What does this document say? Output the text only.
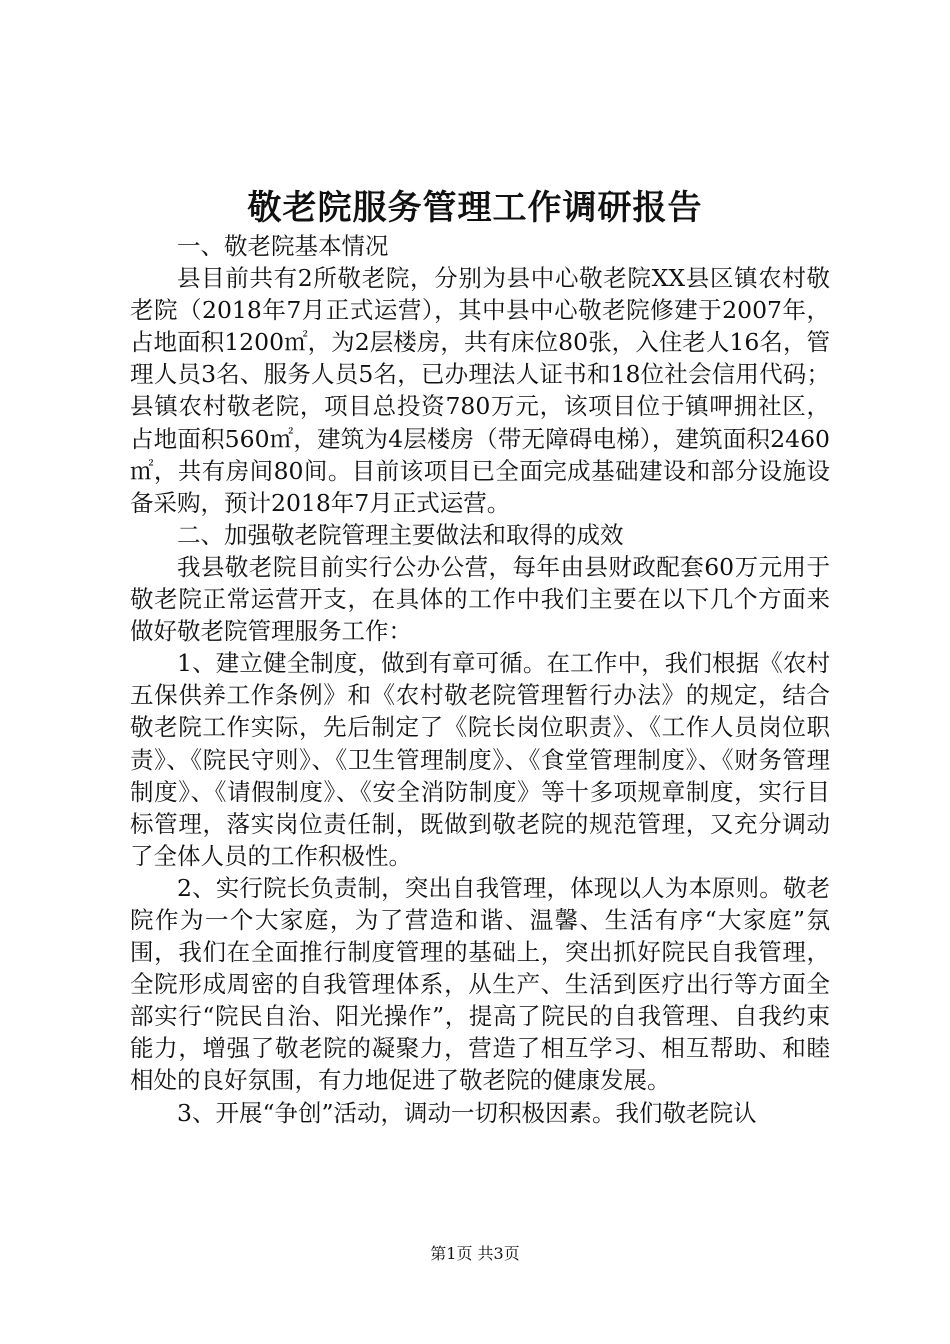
敬老院服务管理工作调研报告

一、敬老院基本情况

县目前共有2所敬老院，分别为县中心敬老院XX县区镇农村敬老院（2018年7月正式运营），其中县中心敬老院修建于2007年，占地面积1200㎡，为2层楼房，共有床位80张，入住老人16名，管理人员3名、服务人员5名，已办理法人证书和18位社会信用代码；县镇农村敬老院，项目总投资780万元，该项目位于镇呷拥社区，占地面积560㎡，建筑为4层楼房（带无障碍电梯），建筑面积2460㎡，共有房间80间。目前该项目已全面完成基础建设和部分设施设备采购，预计2018年7月正式运营。

二、加强敬老院管理主要做法和取得的成效

我县敬老院目前实行公办公营，每年由县财政配套60万元用于敬老院正常运营开支，在具体的工作中我们主要在以下几个方面来做好敬老院管理服务工作：

1、建立健全制度，做到有章可循。在工作中，我们根据《农村五保供养工作条例》和《农村敬老院管理暂行办法》的规定，结合敬老院工作实际，先后制定了《院长岗位职责》、《工作人员岗位职责》、《院民守则》、《卫生管理制度》、《食堂管理制度》、《财务管理制度》、《请假制度》、《安全消防制度》等十多项规章制度，实行目标管理，落实岗位责任制，既做到敬老院的规范管理，又充分调动了全体人员的工作积极性。

2、实行院长负责制，突出自我管理，体现以人为本原则。敬老院作为一个大家庭，为了营造和谐、温馨、生活有序“大家庭”氛围，我们在全面推行制度管理的基础上，突出抓好院民自我管理，全院形成周密的自我管理体系，从生产、生活到医疗出行等方面全部实行“院民自治、阳光操作”，提高了院民的自我管理、自我约束能力，增强了敬老院的凝聚力，营造了相互学习、相互帮助、和睦相处的良好氛围，有力地促进了敬老院的健康发展。

3、开展“争创”活动，调动一切积极因素。我们敬老院认

第1页 共3页
